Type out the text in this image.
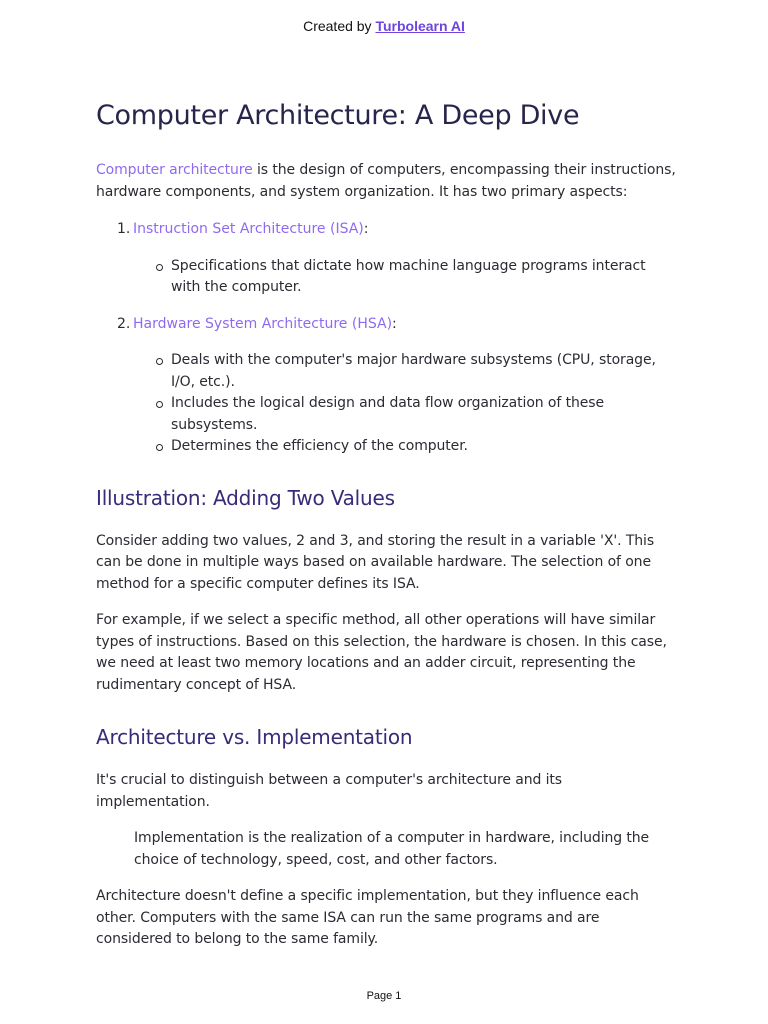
Created by Turbolearn AI
Computer Architecture: A Deep Dive

Computer architecture is the design of computers, encompassing their instructions, hardware components, and system organization. It has two primary aspects:

1. Instruction Set Architecture (ISA):
Specifications that dictate how machine language programs interact with the computer.
2. Hardware System Architecture (HSA):
Deals with the computer's major hardware subsystems (CPU, storage, I/O, etc.).
Includes the logical design and data flow organization of these subsystems.
Determines the efficiency of the computer.
Illustration: Adding Two Values

Consider adding two values, 2 and 3, and storing the result in a variable 'X'. This can be done in multiple ways based on available hardware. The selection of one method for a specific computer defines its ISA.

For example, if we select a specific method, all other operations will have similar types of instructions. Based on this selection, the hardware is chosen. In this case, we need at least two memory locations and an adder circuit, representing the rudimentary concept of HSA.

Architecture vs. Implementation

It's crucial to distinguish between a computer's architecture and its implementation.

Implementation is the realization of a computer in hardware, including the choice of technology, speed, cost, and other factors.

Architecture doesn't define a specific implementation, but they influence each other. Computers with the same ISA can run the same programs and are considered to belong to the same family.

Page 1
